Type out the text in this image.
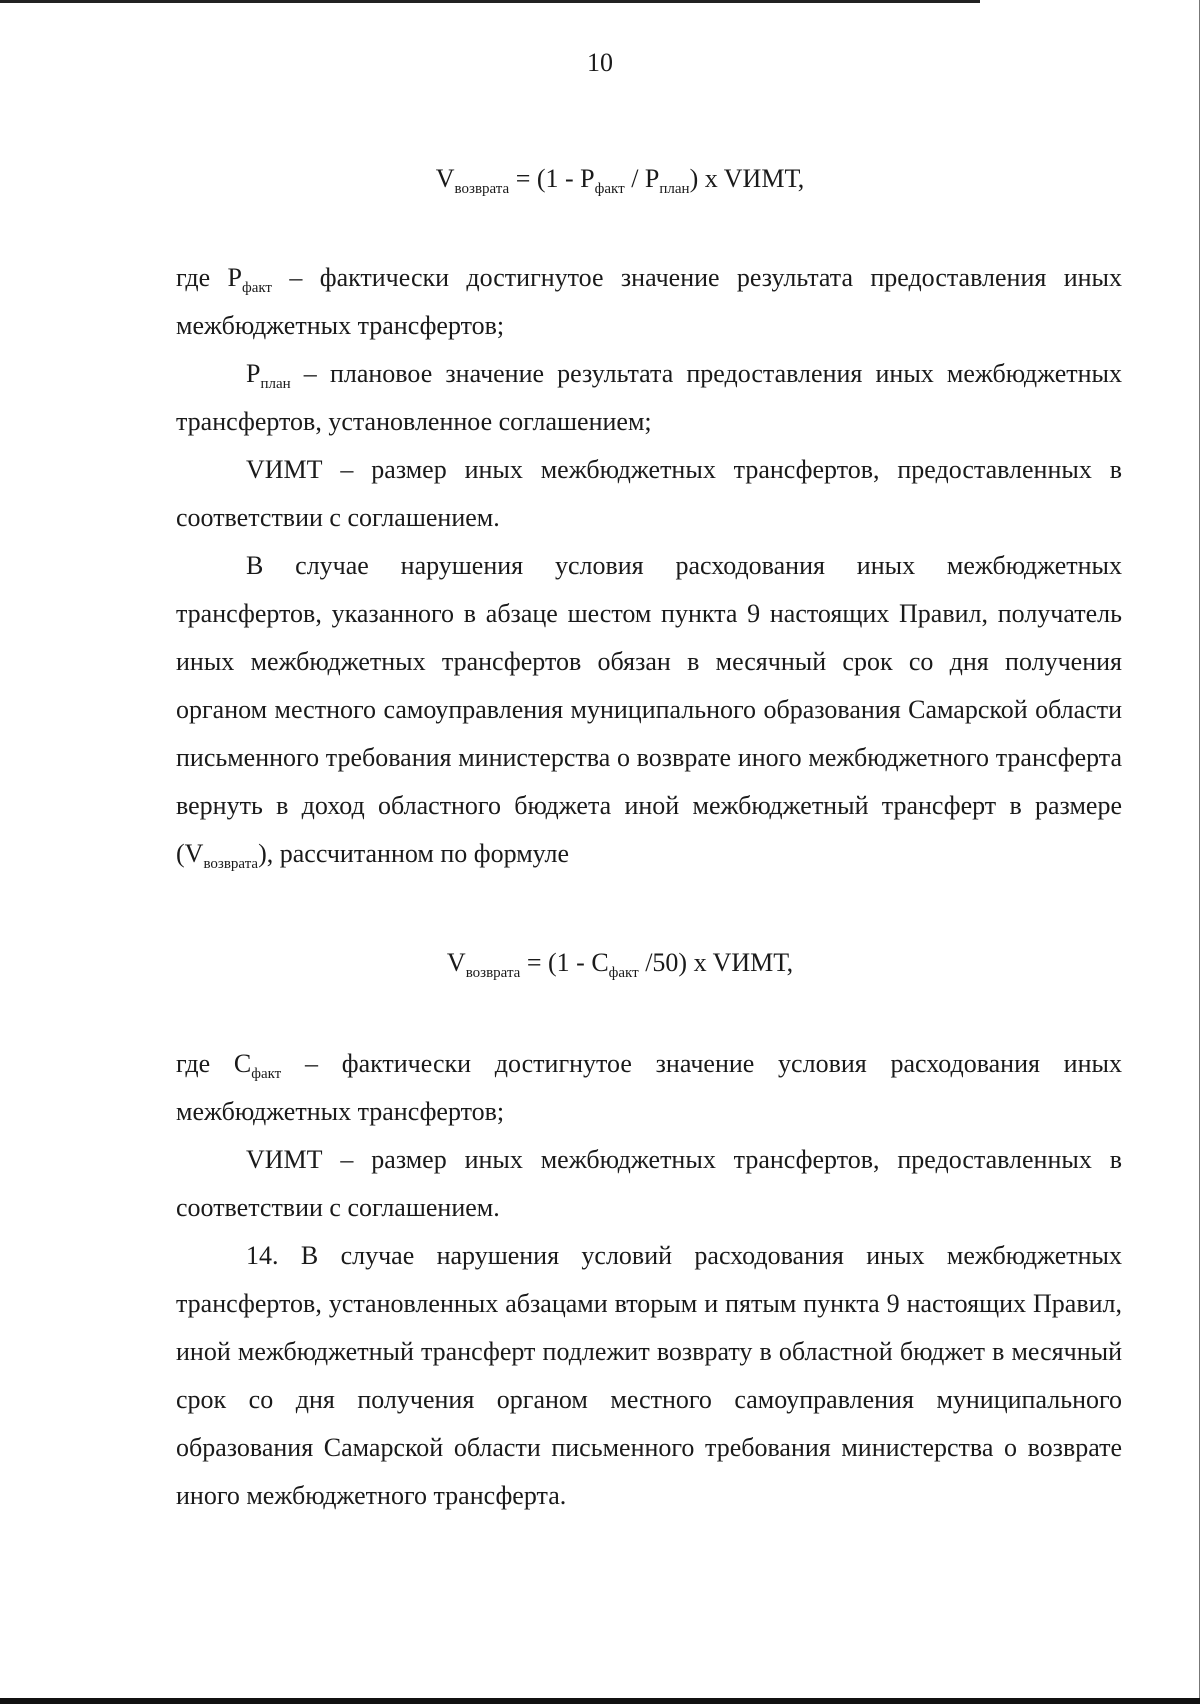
10
$V_{возврата} = (1 - P_{факт} / P_{план})$ x VИМТ,

где $P_{факт}$ – фактически достигнутое значение результата предоставления иных межбюджетных трансфертов;

$P_{план}$ – плановое значение результата предоставления иных межбюджетных трансфертов, установленное соглашением;

VИМТ – размер иных межбюджетных трансфертов, предоставленных в соответствии с соглашением.

В случае нарушения условия расходования иных межбюджетных трансфертов, указанного в абзаце шестом пункта 9 настоящих Правил, получатель иных межбюджетных трансфертов обязан в месячный срок со дня получения органом местного самоуправления муниципального образования Самарской области письменного требования министерства о возврате иного межбюджетного трансферта вернуть в доход областного бюджета иной межбюджетный трансферт в размере $(V_{возврата})$, рассчитанном по формуле

$V_{возврата} = (1 - C_{факт}$ /50) x VИМТ,

где $C_{факт}$ – фактически достигнутое значение условия расходования иных межбюджетных трансфертов;

VИМТ – размер иных межбюджетных трансфертов, предоставленных в соответствии с соглашением.

14. В случае нарушения условий расходования иных межбюджетных трансфертов, установленных абзацами вторым и пятым пункта 9 настоящих Правил, иной межбюджетный трансферт подлежит возврату в областной бюджет в месячный срок со дня получения органом местного самоуправления муниципального образования Самарской области письменного требования министерства о возврате иного межбюджетного трансферта.
